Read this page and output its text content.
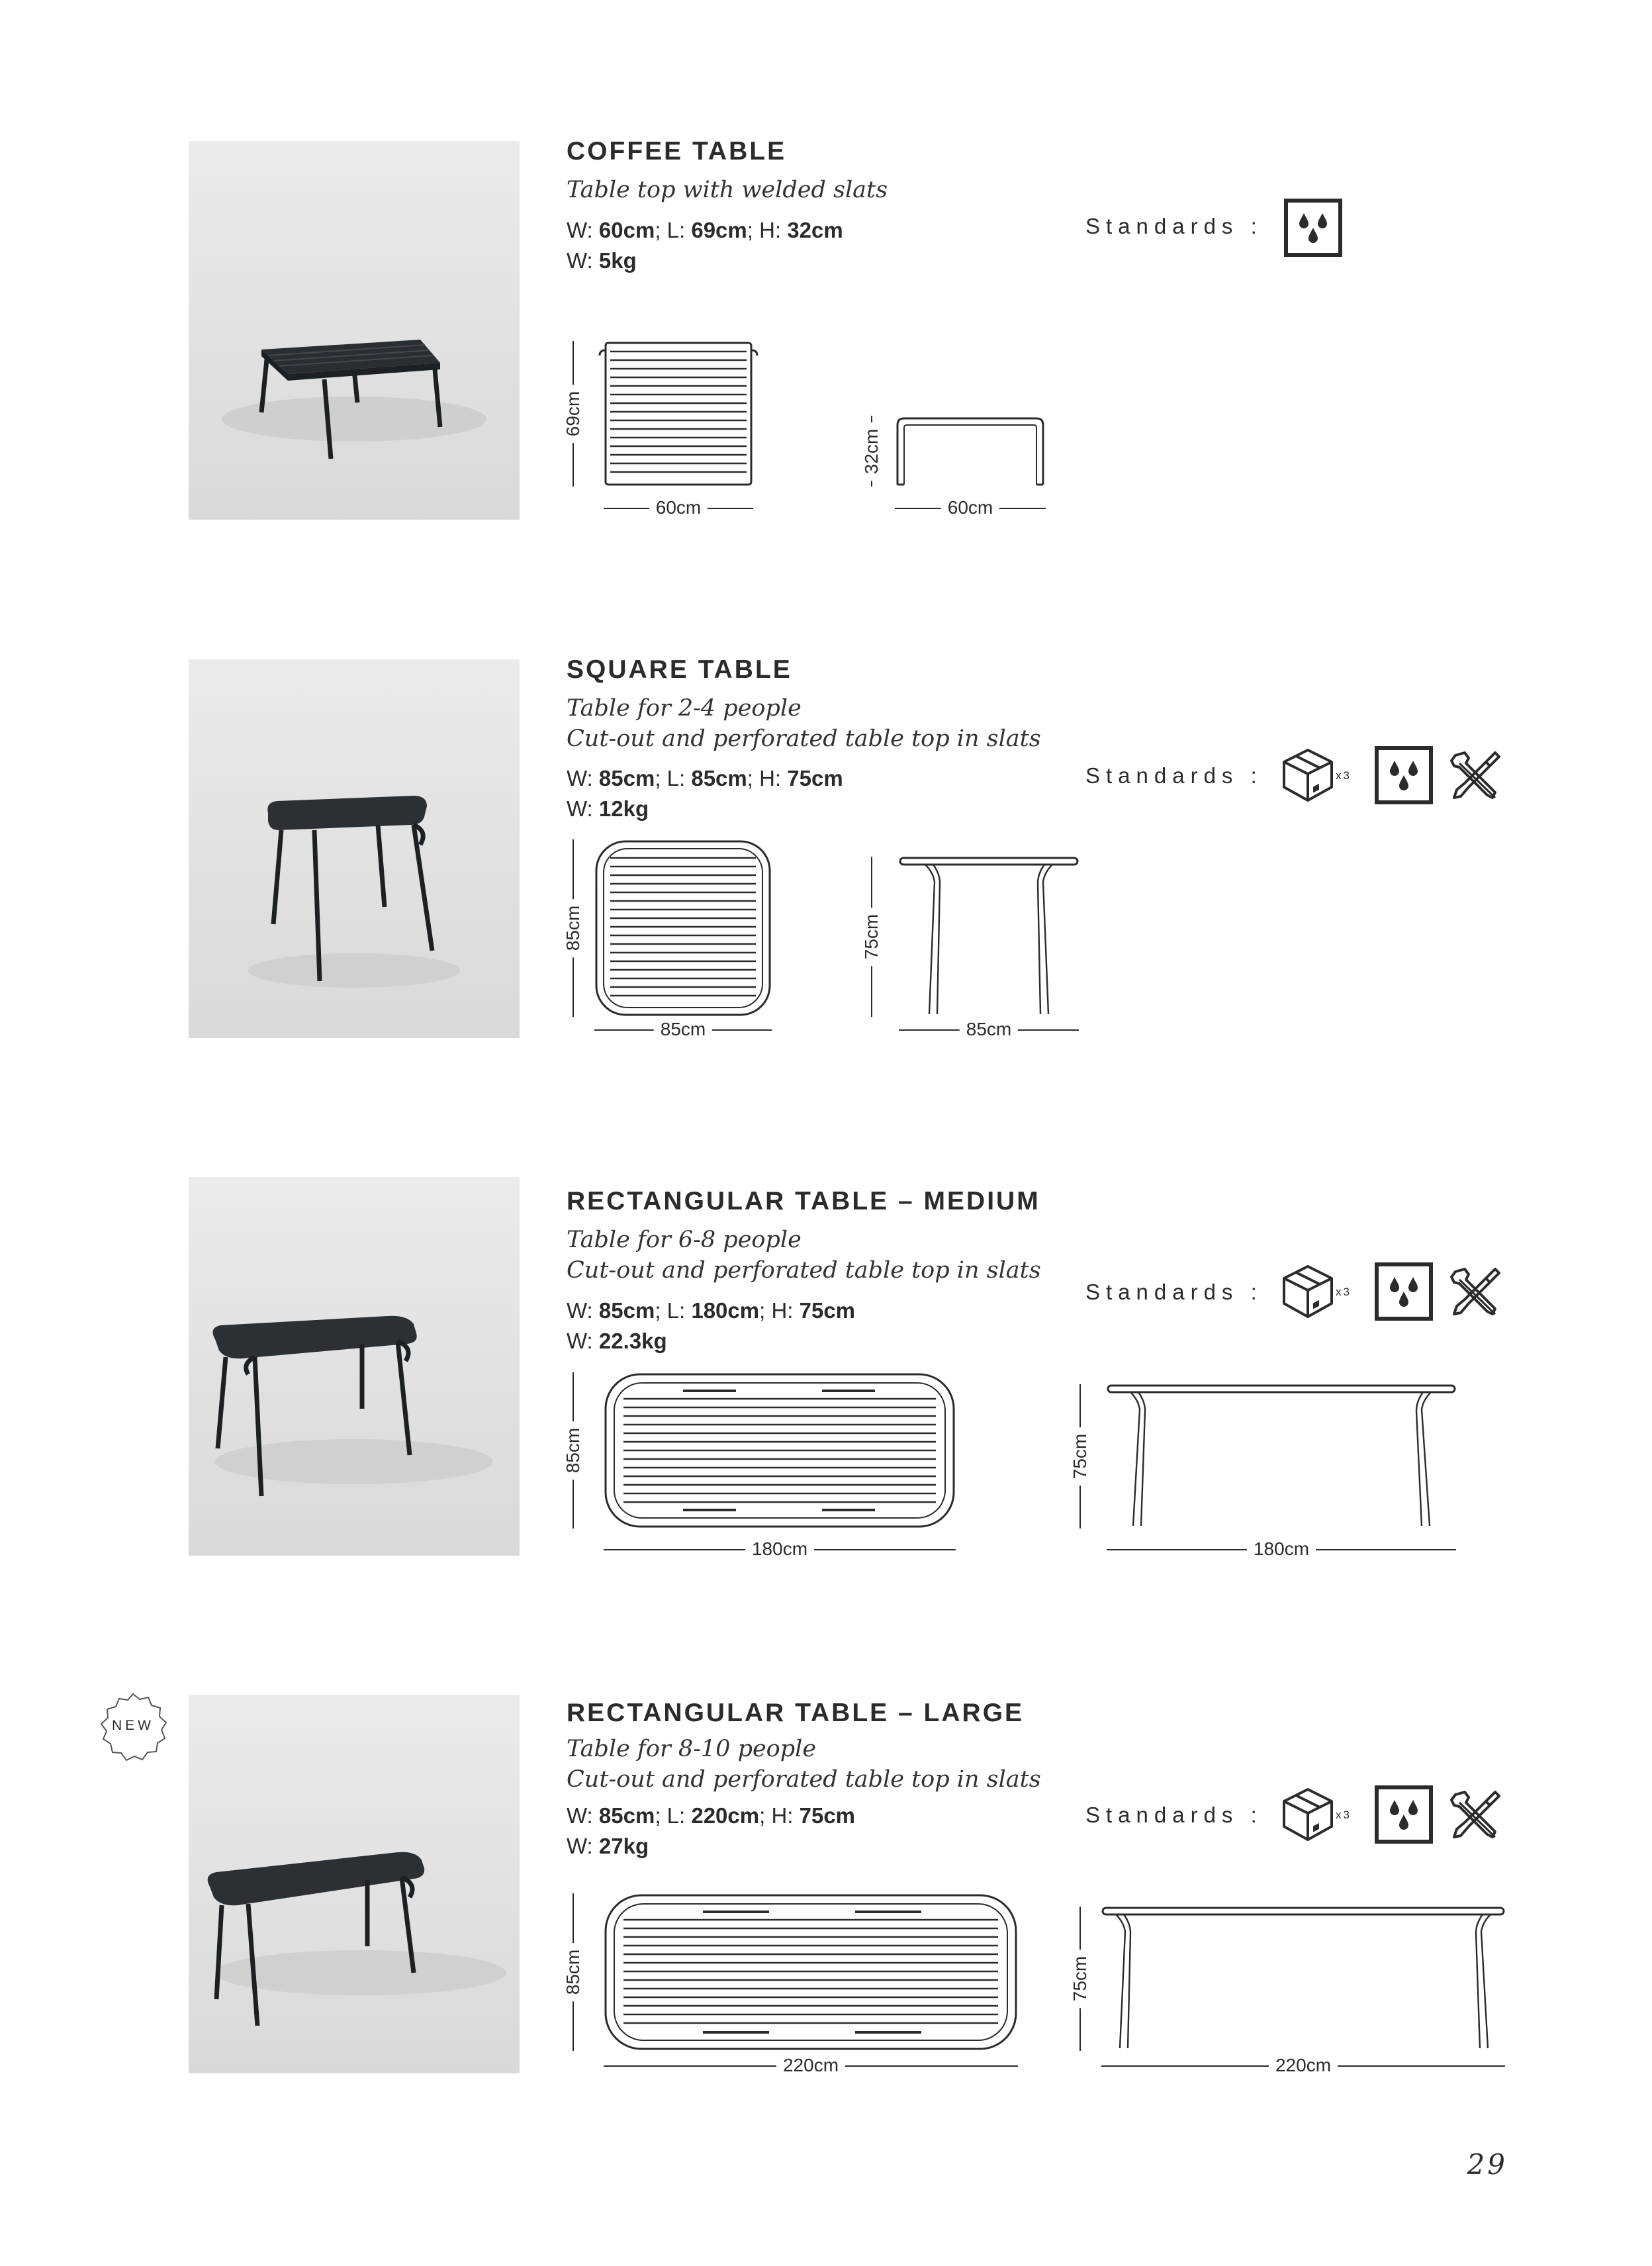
COFFEE TABLE
Table top with welded slats
W: 60cm; L: 69cm; H: 32cm
W: 5kg
Standards :
69cm
60cm
32cm
60cm
SQUARE TABLE
Table for 2-4 people
Cut-out and perforated table top in slats
W: 85cm; L: 85cm; H: 75cm
W: 12kg
Standards :	x3
85cm
85cm
75cm
85cm
RECTANGULAR TABLE – MEDIUM
Table for 6-8 people
Cut-out and perforated table top in slats
W: 85cm; L: 180cm; H: 75cm
W: 22.3kg
Standards :	x3
85cm
180cm
75cm
180cm
NEW	RECTANGULAR TABLE – LARGE
Table for 8-10 people
Cut-out and perforated table top in slats
W: 85cm; L: 220cm; H: 75cm
W: 27kg
Standards :	x3
85cm
220cm
75cm
220cm
29
